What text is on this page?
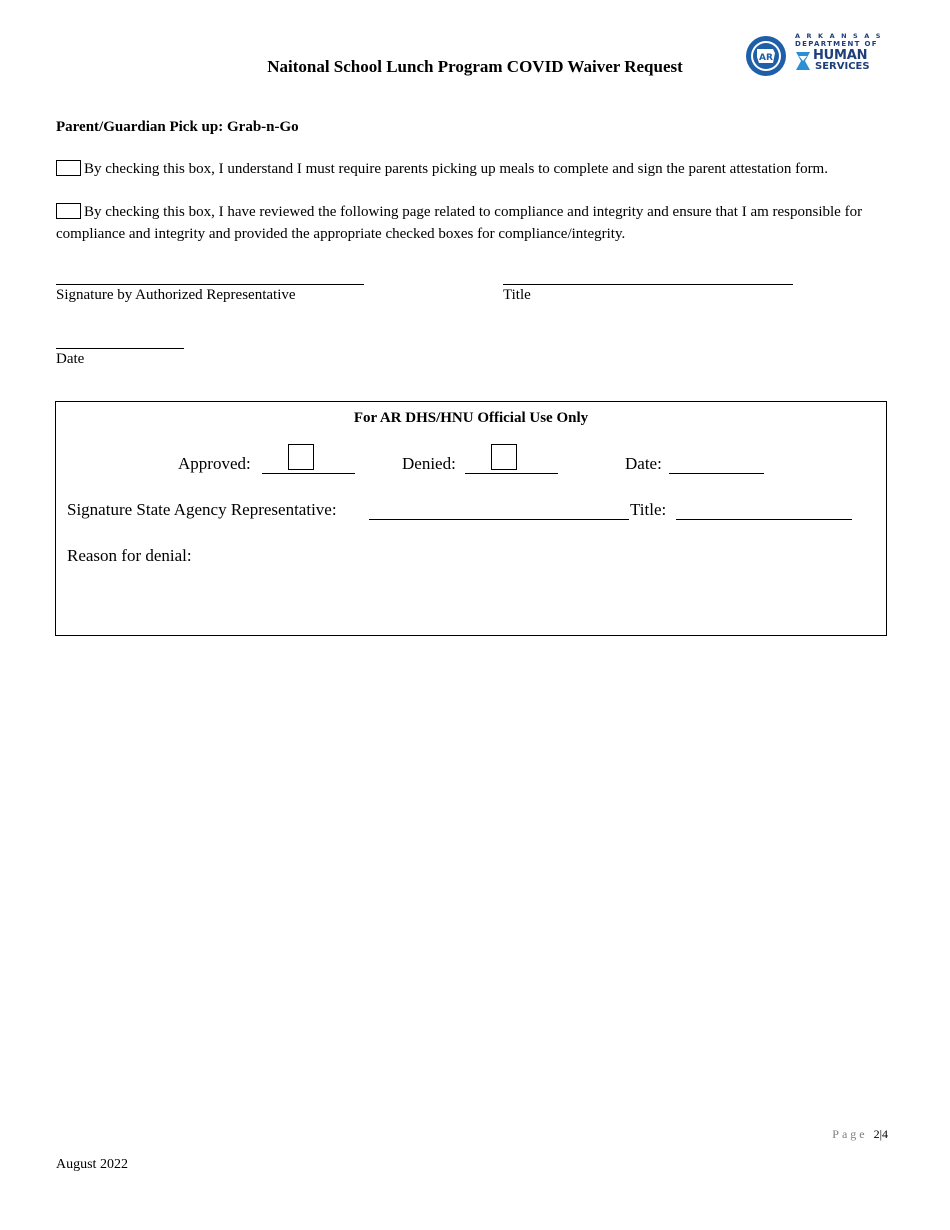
Naitonal School Lunch Program COVID Waiver Request	AR
ARKANSAS
DEPARTMENT OF
HUMAN
SERVICES
Parent/Guardian Pick up: Grab-n-Go
By checking this box, I understand I must require parents picking up meals to complete and sign the parent attestation form.
By checking this box, I have reviewed the following page related to compliance and integrity and ensure that I am responsible for compliance and integrity and provided the appropriate checked boxes for compliance/integrity.
Signature by Authorized Representative	Title
Date
For AR DHS/HNU Official Use Only
Approved:	Denied:	Date:
Signature State Agency Representative:	Title:
Reason for denial:
Page 2|4
August 2022
